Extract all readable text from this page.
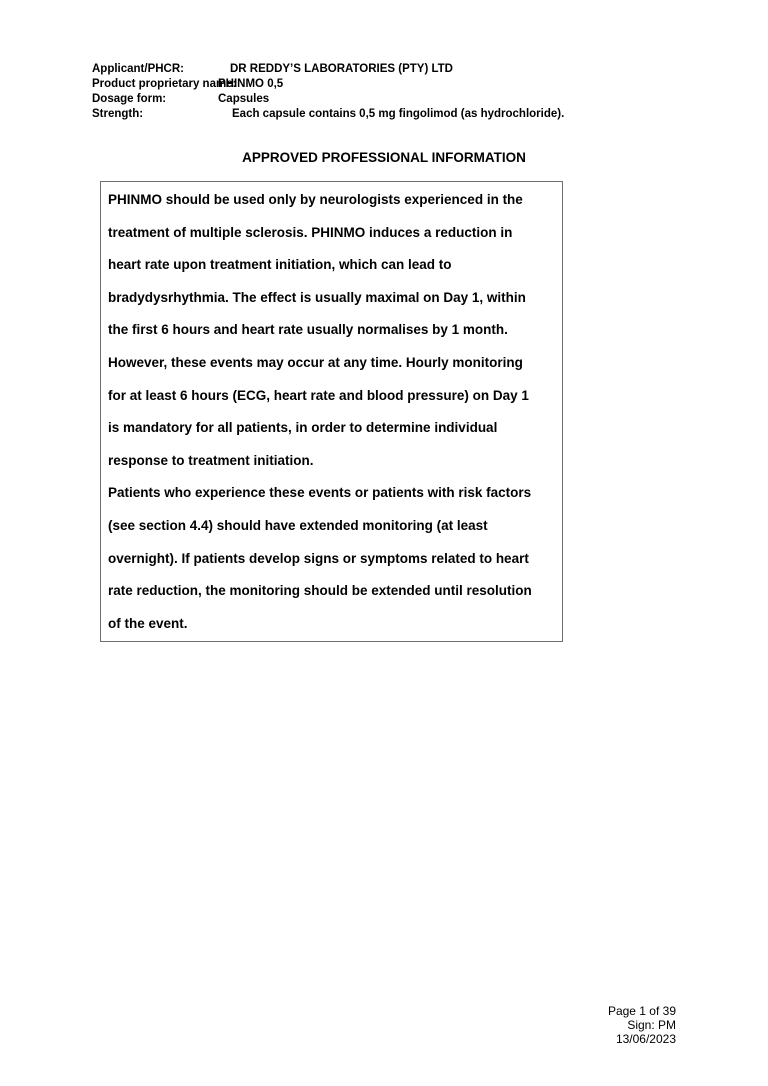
Applicant/PHCR:	DR REDDY’S LABORATORIES (PTY) LTD
Product proprietary name:
PHINMO 0,5
Dosage form:	Capsules
Strength:	Each capsule contains 0,5 mg fingolimod (as hydrochloride).
APPROVED PROFESSIONAL INFORMATION
PHINMO should be used only by neurologists experienced in the
treatment of multiple sclerosis. PHINMO induces a reduction in
heart rate upon treatment initiation, which can lead to
bradydysrhythmia. The effect is usually maximal on Day 1, within
the first 6 hours and heart rate usually normalises by 1 month.
However, these events may occur at any time. Hourly monitoring
for at least 6 hours (ECG, heart rate and blood pressure) on Day 1
is mandatory for all patients, in order to determine individual
response to treatment initiation.
Patients who experience these events or patients with risk factors
(see section 4.4) should have extended monitoring (at least
overnight). If patients develop signs or symptoms related to heart
rate reduction, the monitoring should be extended until resolution
of the event.
Page 1 of 39
Sign: PM
13/06/2023
